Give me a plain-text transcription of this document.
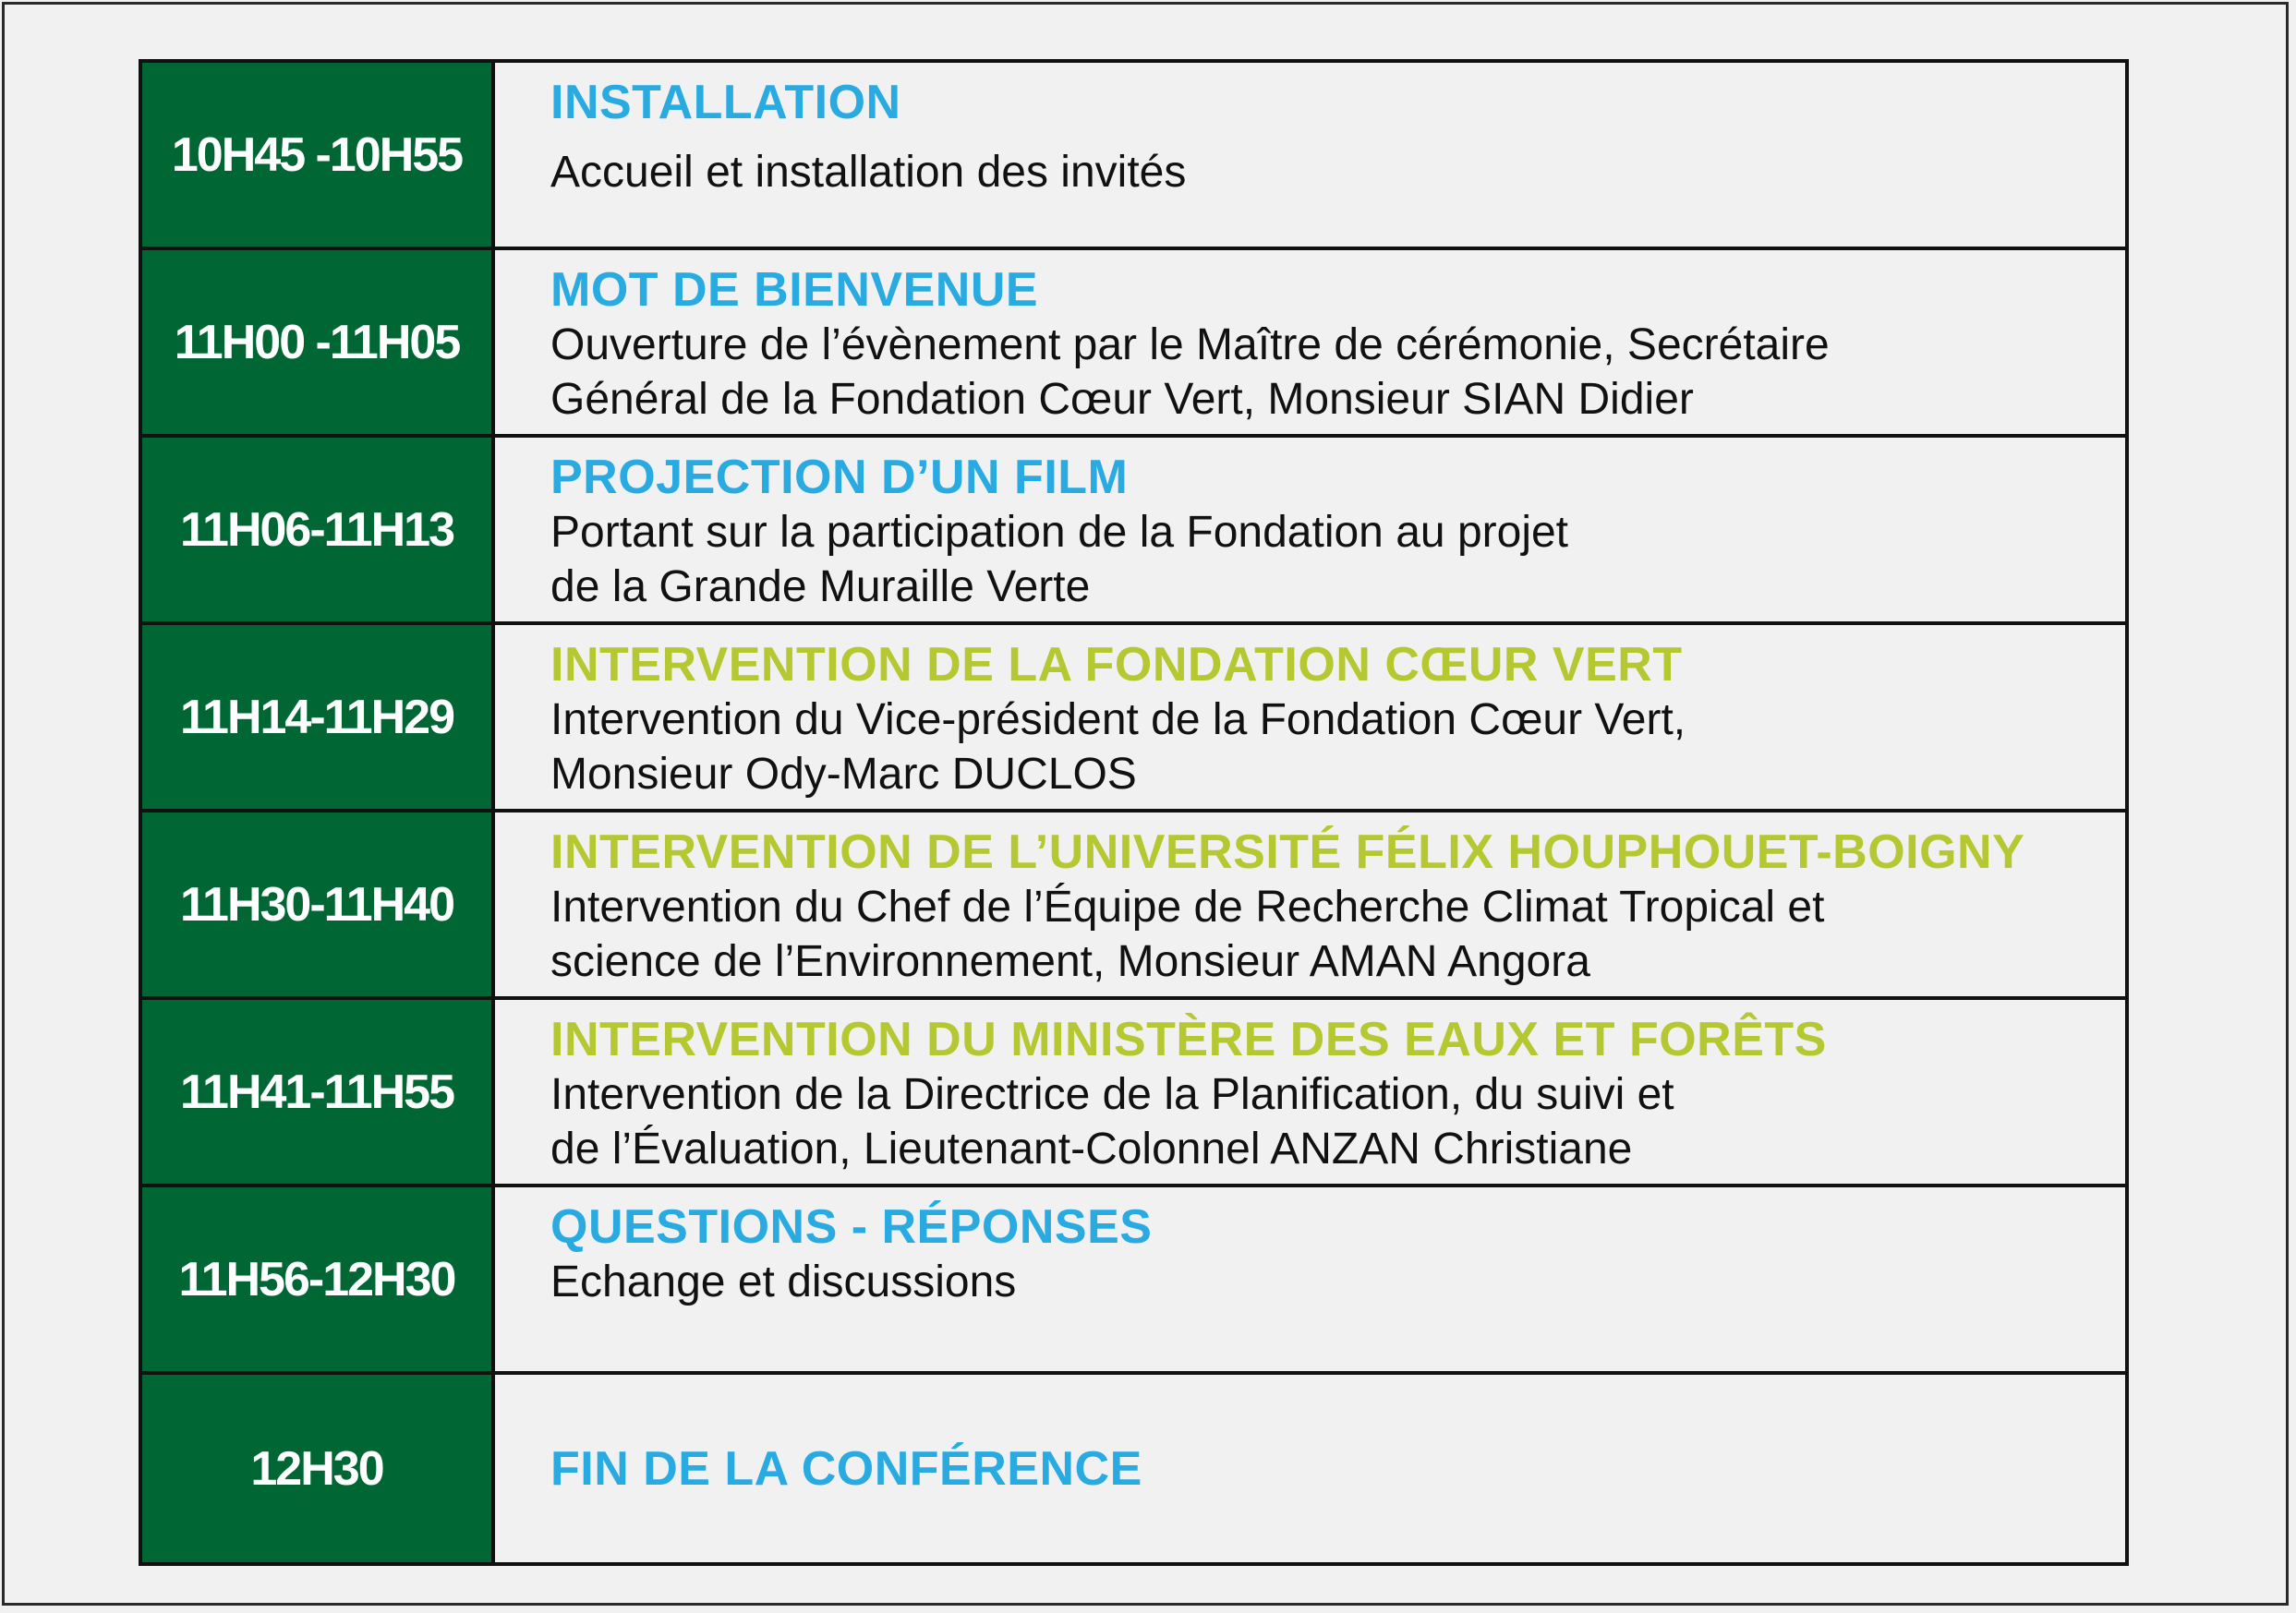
10H45 -10H55
INSTALLATION
Accueil et installation des invités
11H00 -11H05
MOT DE BIENVENUE
Ouverture de l’évènement par le Maître de cérémonie, Secrétaire
Général de la Fondation Cœur Vert, Monsieur SIAN Didier
11H06-11H13
PROJECTION D’UN FILM
Portant sur la participation de la Fondation au projet
de la Grande Muraille Verte
11H14-11H29
INTERVENTION DE LA FONDATION CŒUR VERT
Intervention du Vice-président de la Fondation Cœur Vert,
Monsieur Ody-Marc DUCLOS
11H30-11H40
INTERVENTION DE L’UNIVERSITÉ FÉLIX HOUPHOUET-BOIGNY
Intervention du Chef de l’Équipe de Recherche Climat Tropical et
science de l’Environnement, Monsieur AMAN Angora
11H41-11H55
INTERVENTION DU MINISTÈRE DES EAUX ET FORÊTS
Intervention de la Directrice de la Planification, du suivi et
de l’Évaluation, Lieutenant-Colonnel ANZAN Christiane
11H56-12H30
QUESTIONS - RÉPONSES
Echange et discussions
12H30	FIN DE LA CONFÉRENCE
